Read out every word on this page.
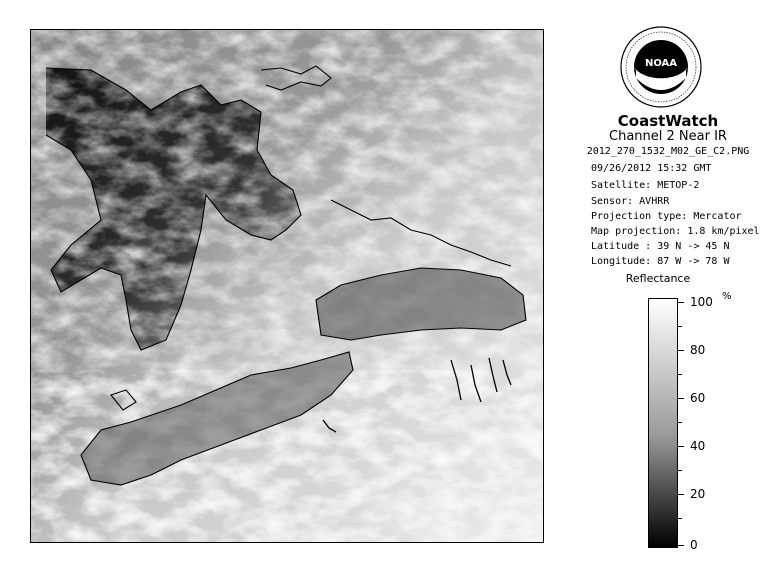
NOAA
CoastWatch
Channel 2 Near IR
2012_270_1532_M02_GE_C2.PNG
09/26/2012 15:32 GMT
Satellite: METOP-2
Sensor: AVHRR
Projection type: Mercator
Map projection: 1.8 km/pixel
Latitude : 39 N -> 45 N
Longitude: 87 W -> 78 W
Reflectance
%
100
80
60
40
20
0
